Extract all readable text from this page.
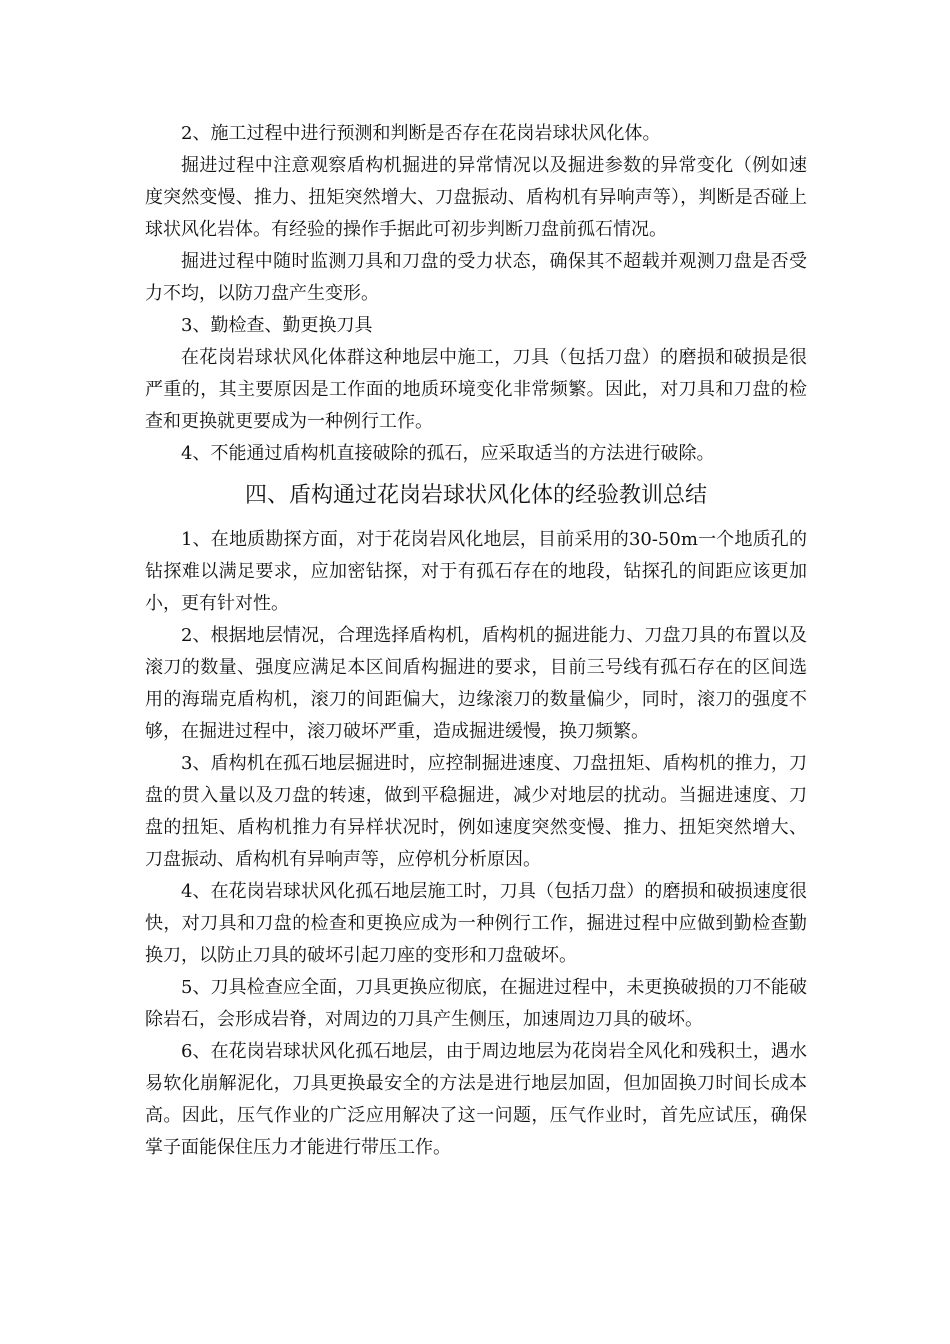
2、施工过程中进行预测和判断是否存在花岗岩球状风化体。

掘进过程中注意观察盾构机掘进的异常情况以及掘进参数的异常变化（例如速度突然变慢、推力、扭矩突然增大、刀盘振动、盾构机有异响声等），判断是否碰上球状风化岩体。有经验的操作手据此可初步判断刀盘前孤石情况。

掘进过程中随时监测刀具和刀盘的受力状态，确保其不超载并观测刀盘是否受力不均，以防刀盘产生变形。

3、勤检查、勤更换刀具

在花岗岩球状风化体群这种地层中施工，刀具（包括刀盘）的磨损和破损是很严重的，其主要原因是工作面的地质环境变化非常频繁。因此，对刀具和刀盘的检查和更换就更要成为一种例行工作。

4、不能通过盾构机直接破除的孤石，应采取适当的方法进行破除。

四、盾构通过花岗岩球状风化体的经验教训总结

1、在地质勘探方面，对于花岗岩风化地层，目前采用的30-50m一个地质孔的钻探难以满足要求，应加密钻探，对于有孤石存在的地段，钻探孔的间距应该更加小，更有针对性。

2、根据地层情况，合理选择盾构机，盾构机的掘进能力、刀盘刀具的布置以及滚刀的数量、强度应满足本区间盾构掘进的要求，目前三号线有孤石存在的区间选用的海瑞克盾构机，滚刀的间距偏大，边缘滚刀的数量偏少，同时，滚刀的强度不够，在掘进过程中，滚刀破坏严重，造成掘进缓慢，换刀频繁。

3、盾构机在孤石地层掘进时，应控制掘进速度、刀盘扭矩、盾构机的推力，刀盘的贯入量以及刀盘的转速，做到平稳掘进，减少对地层的扰动。当掘进速度、刀盘的扭矩、盾构机推力有异样状况时，例如速度突然变慢、推力、扭矩突然增大、刀盘振动、盾构机有异响声等，应停机分析原因。

4、在花岗岩球状风化孤石地层施工时，刀具（包括刀盘）的磨损和破损速度很快，对刀具和刀盘的检查和更换应成为一种例行工作，掘进过程中应做到勤检查勤换刀，以防止刀具的破坏引起刀座的变形和刀盘破坏。

5、刀具检查应全面，刀具更换应彻底，在掘进过程中，未更换破损的刀不能破除岩石，会形成岩脊，对周边的刀具产生侧压，加速周边刀具的破坏。

6、在花岗岩球状风化孤石地层，由于周边地层为花岗岩全风化和残积土，遇水易软化崩解泥化，刀具更换最安全的方法是进行地层加固，但加固换刀时间长成本高。因此，压气作业的广泛应用解决了这一问题，压气作业时，首先应试压，确保掌子面能保住压力才能进行带压工作。
